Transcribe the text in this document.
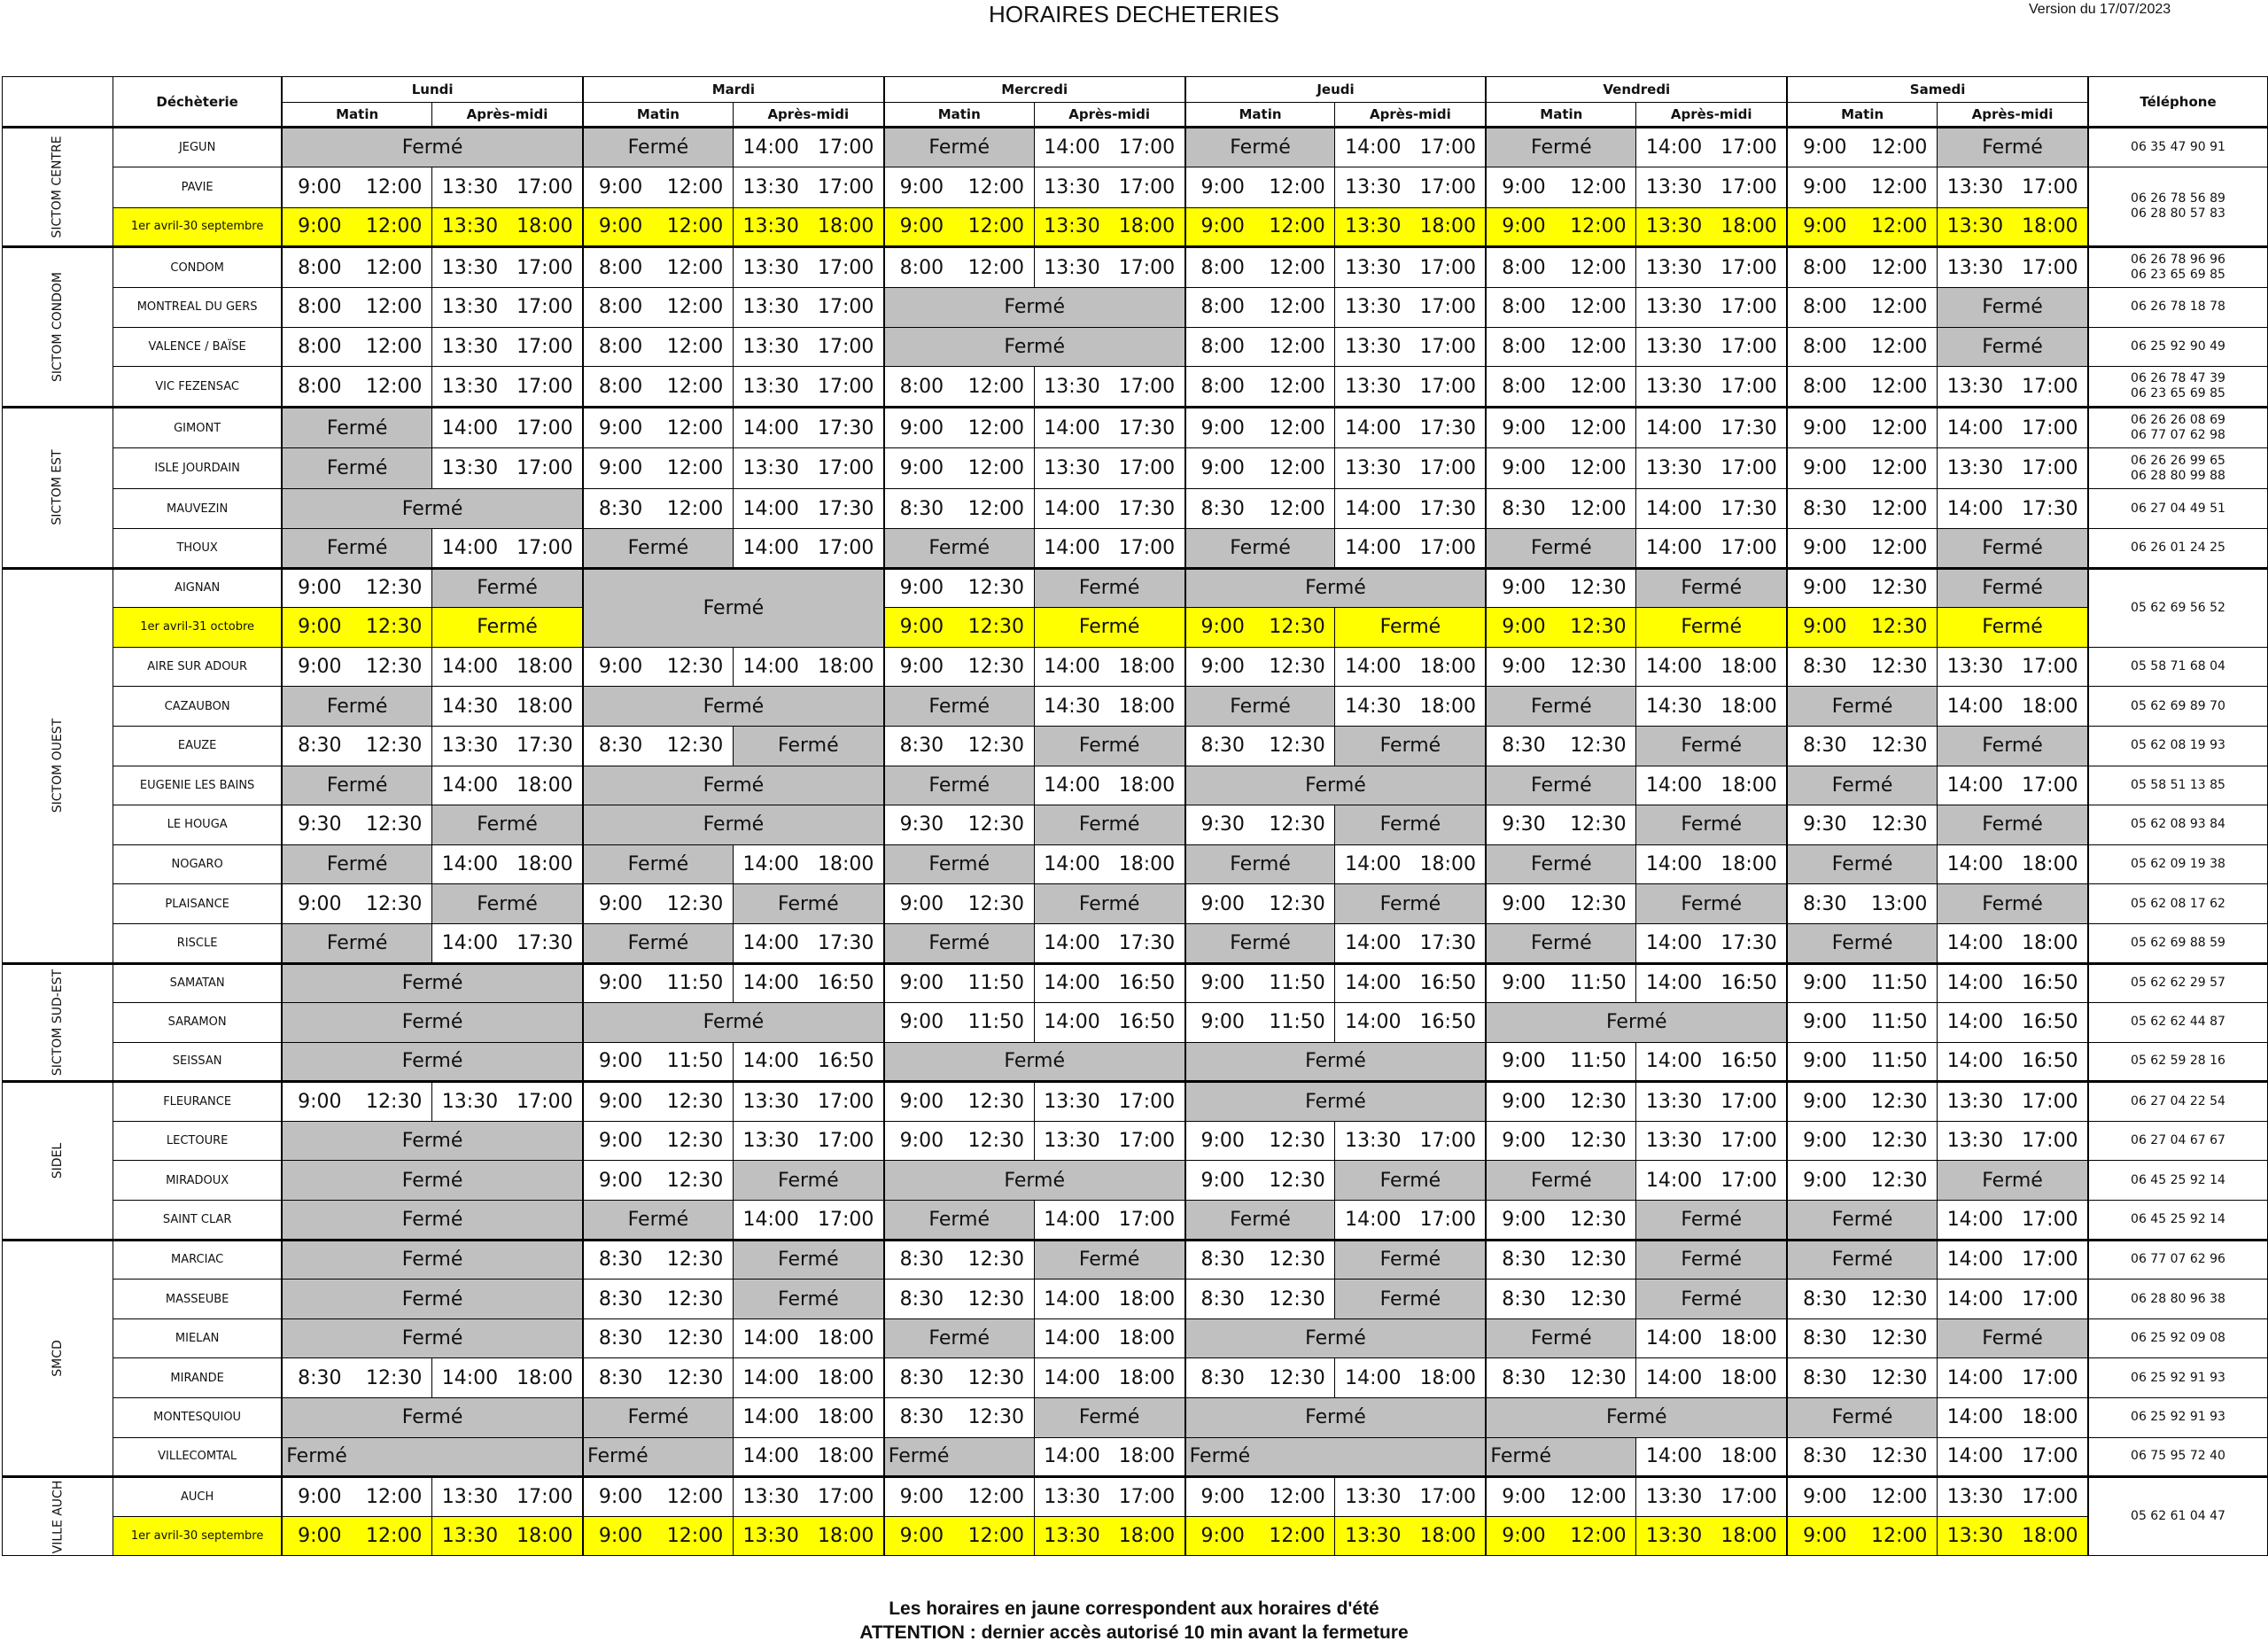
HORAIRES DECHETERIES	Version du 17/07/2023
	Déchèterie	Lundi				Mardi				Mercredi				Jeudi				Vendredi				Samedi				Téléphone
		Matin		Après-midi		Matin		Après-midi		Matin		Après-midi		Matin		Après-midi		Matin		Après-midi		Matin		Après-midi		
SICTOM CENTRE	JEGUN	Fermé				Fermé		14:00	17:00	Fermé		14:00	17:00	Fermé		14:00	17:00	Fermé		14:00	17:00	9:00	12:00	Fermé		06 35 47 90 91

	PAVIE	9:00	12:00	13:30	17:00	9:00	12:00	13:30	17:00	9:00	12:00	13:30	17:00	9:00	12:00	13:30	17:00	9:00	12:00	13:30	17:00	9:00	12:00	13:30	17:00	06 26 78 56 89
06 28 80 57 83

	1er avril-30 septembre	9:00	12:00	13:30	18:00	9:00	12:00	13:30	18:00	9:00	12:00	13:30	18:00	9:00	12:00	13:30	18:00	9:00	12:00	13:30	18:00	9:00	12:00	13:30	18:00	
SICTOM CONDOM	CONDOM	8:00	12:00	13:30	17:00	8:00	12:00	13:30	17:00	8:00	12:00	13:30	17:00	8:00	12:00	13:30	17:00	8:00	12:00	13:30	17:00	8:00	12:00	13:30	17:00	06 26 78 96 96
06 23 65 69 85

	MONTREAL DU GERS	8:00	12:00	13:30	17:00	8:00	12:00	13:30	17:00	Fermé				8:00	12:00	13:30	17:00	8:00	12:00	13:30	17:00	8:00	12:00	Fermé		06 26 78 18 78

	VALENCE / BAÏSE	8:00	12:00	13:30	17:00	8:00	12:00	13:30	17:00	Fermé				8:00	12:00	13:30	17:00	8:00	12:00	13:30	17:00	8:00	12:00	Fermé		06 25 92 90 49

	VIC FEZENSAC	8:00	12:00	13:30	17:00	8:00	12:00	13:30	17:00	8:00	12:00	13:30	17:00	8:00	12:00	13:30	17:00	8:00	12:00	13:30	17:00	8:00	12:00	13:30	17:00	06 26 78 47 39
06 23 65 69 85

SICTOM EST	GIMONT	Fermé		14:00	17:00	9:00	12:00	14:00	17:30	9:00	12:00	14:00	17:30	9:00	12:00	14:00	17:30	9:00	12:00	14:00	17:30	9:00	12:00	14:00	17:00	06 26 26 08 69
06 77 07 62 98

	ISLE JOURDAIN	Fermé		13:30	17:00	9:00	12:00	13:30	17:00	9:00	12:00	13:30	17:00	9:00	12:00	13:30	17:00	9:00	12:00	13:30	17:00	9:00	12:00	13:30	17:00	06 26 26 99 65
06 28 80 99 88

	MAUVEZIN	Fermé				8:30	12:00	14:00	17:30	8:30	12:00	14:00	17:30	8:30	12:00	14:00	17:30	8:30	12:00	14:00	17:30	8:30	12:00	14:00	17:30	06 27 04 49 51

	THOUX	Fermé		14:00	17:00	Fermé		14:00	17:00	Fermé		14:00	17:00	Fermé		14:00	17:00	Fermé		14:00	17:00	9:00	12:00	Fermé		06 26 01 24 25

SICTOM OUEST	AIGNAN	9:00	12:30	Fermé		Fermé				9:00	12:30	Fermé		Fermé				9:00	12:30	Fermé		9:00	12:30	Fermé		05 62 69 56 52

	1er avril-31 octobre	9:00	12:30	Fermé						9:00	12:30	Fermé		9:00	12:30	Fermé		9:00	12:30	Fermé		9:00	12:30	Fermé		
	AIRE SUR ADOUR	9:00	12:30	14:00	18:00	9:00	12:30	14:00	18:00	9:00	12:30	14:00	18:00	9:00	12:30	14:00	18:00	9:00	12:30	14:00	18:00	8:30	12:30	13:30	17:00	05 58 71 68 04

	CAZAUBON	Fermé		14:30	18:00	Fermé				Fermé		14:30	18:00	Fermé		14:30	18:00	Fermé		14:30	18:00	Fermé		14:00	18:00	05 62 69 89 70

	EAUZE	8:30	12:30	13:30	17:30	8:30	12:30	Fermé		8:30	12:30	Fermé		8:30	12:30	Fermé		8:30	12:30	Fermé		8:30	12:30	Fermé		05 62 08 19 93

	EUGENIE LES BAINS	Fermé		14:00	18:00	Fermé				Fermé		14:00	18:00	Fermé				Fermé		14:00	18:00	Fermé		14:00	17:00	05 58 51 13 85

	LE HOUGA	9:30	12:30	Fermé		Fermé				9:30	12:30	Fermé		9:30	12:30	Fermé		9:30	12:30	Fermé		9:30	12:30	Fermé		05 62 08 93 84

	NOGARO	Fermé		14:00	18:00	Fermé		14:00	18:00	Fermé		14:00	18:00	Fermé		14:00	18:00	Fermé		14:00	18:00	Fermé		14:00	18:00	05 62 09 19 38

	PLAISANCE	9:00	12:30	Fermé		9:00	12:30	Fermé		9:00	12:30	Fermé		9:00	12:30	Fermé		9:00	12:30	Fermé		8:30	13:00	Fermé		05 62 08 17 62

	RISCLE	Fermé		14:00	17:30	Fermé		14:00	17:30	Fermé		14:00	17:30	Fermé		14:00	17:30	Fermé		14:00	17:30	Fermé		14:00	18:00	05 62 69 88 59

SICTOM SUD-EST	SAMATAN	Fermé				9:00	11:50	14:00	16:50	9:00	11:50	14:00	16:50	9:00	11:50	14:00	16:50	9:00	11:50	14:00	16:50	9:00	11:50	14:00	16:50	05 62 62 29 57

	SARAMON	Fermé				Fermé				9:00	11:50	14:00	16:50	9:00	11:50	14:00	16:50	Fermé				9:00	11:50	14:00	16:50	05 62 62 44 87

	SEISSAN	Fermé				9:00	11:50	14:00	16:50	Fermé				Fermé				9:00	11:50	14:00	16:50	9:00	11:50	14:00	16:50	05 62 59 28 16

SIDEL	FLEURANCE	9:00	12:30	13:30	17:00	9:00	12:30	13:30	17:00	9:00	12:30	13:30	17:00	Fermé				9:00	12:30	13:30	17:00	9:00	12:30	13:30	17:00	06 27 04 22 54

	LECTOURE	Fermé				9:00	12:30	13:30	17:00	9:00	12:30	13:30	17:00	9:00	12:30	13:30	17:00	9:00	12:30	13:30	17:00	9:00	12:30	13:30	17:00	06 27 04 67 67

	MIRADOUX	Fermé				9:00	12:30	Fermé		Fermé				9:00	12:30	Fermé		Fermé		14:00	17:00	9:00	12:30	Fermé		06 45 25 92 14

	SAINT CLAR	Fermé				Fermé		14:00	17:00	Fermé		14:00	17:00	Fermé		14:00	17:00	9:00	12:30	Fermé		Fermé		14:00	17:00	06 45 25 92 14

SMCD	MARCIAC	Fermé				8:30	12:30	Fermé		8:30	12:30	Fermé		8:30	12:30	Fermé		8:30	12:30	Fermé		Fermé		14:00	17:00	06 77 07 62 96

	MASSEUBE	Fermé				8:30	12:30	Fermé		8:30	12:30	14:00	18:00	8:30	12:30	Fermé		8:30	12:30	Fermé		8:30	12:30	14:00	17:00	06 28 80 96 38

	MIELAN	Fermé				8:30	12:30	14:00	18:00	Fermé		14:00	18:00	Fermé				Fermé		14:00	18:00	8:30	12:30	Fermé		06 25 92 09 08

	MIRANDE	8:30	12:30	14:00	18:00	8:30	12:30	14:00	18:00	8:30	12:30	14:00	18:00	8:30	12:30	14:00	18:00	8:30	12:30	14:00	18:00	8:30	12:30	14:00	17:00	06 25 92 91 93

	MONTESQUIOU	Fermé				Fermé		14:00	18:00	8:30	12:30	Fermé		Fermé				Fermé				Fermé		14:00	18:00	06 25 92 91 93

	VILLECOMTAL	Fermé				Fermé		14:00	18:00	Fermé		14:00	18:00	Fermé				Fermé		14:00	18:00	8:30	12:30	14:00	17:00	06 75 95 72 40

VILLE AUCH	AUCH	9:00	12:00	13:30	17:00	9:00	12:00	13:30	17:00	9:00	12:00	13:30	17:00	9:00	12:00	13:30	17:00	9:00	12:00	13:30	17:00	9:00	12:00	13:30	17:00	05 62 61 04 47

	1er avril-30 septembre	9:00	12:00	13:30	18:00	9:00	12:00	13:30	18:00	9:00	12:00	13:30	18:00	9:00	12:00	13:30	18:00	9:00	12:00	13:30	18:00	9:00	12:00	13:30	18:00	
Les horaires en jaune correspondent aux horaires d'été
ATTENTION : dernier accès autorisé 10 min avant la fermeture
